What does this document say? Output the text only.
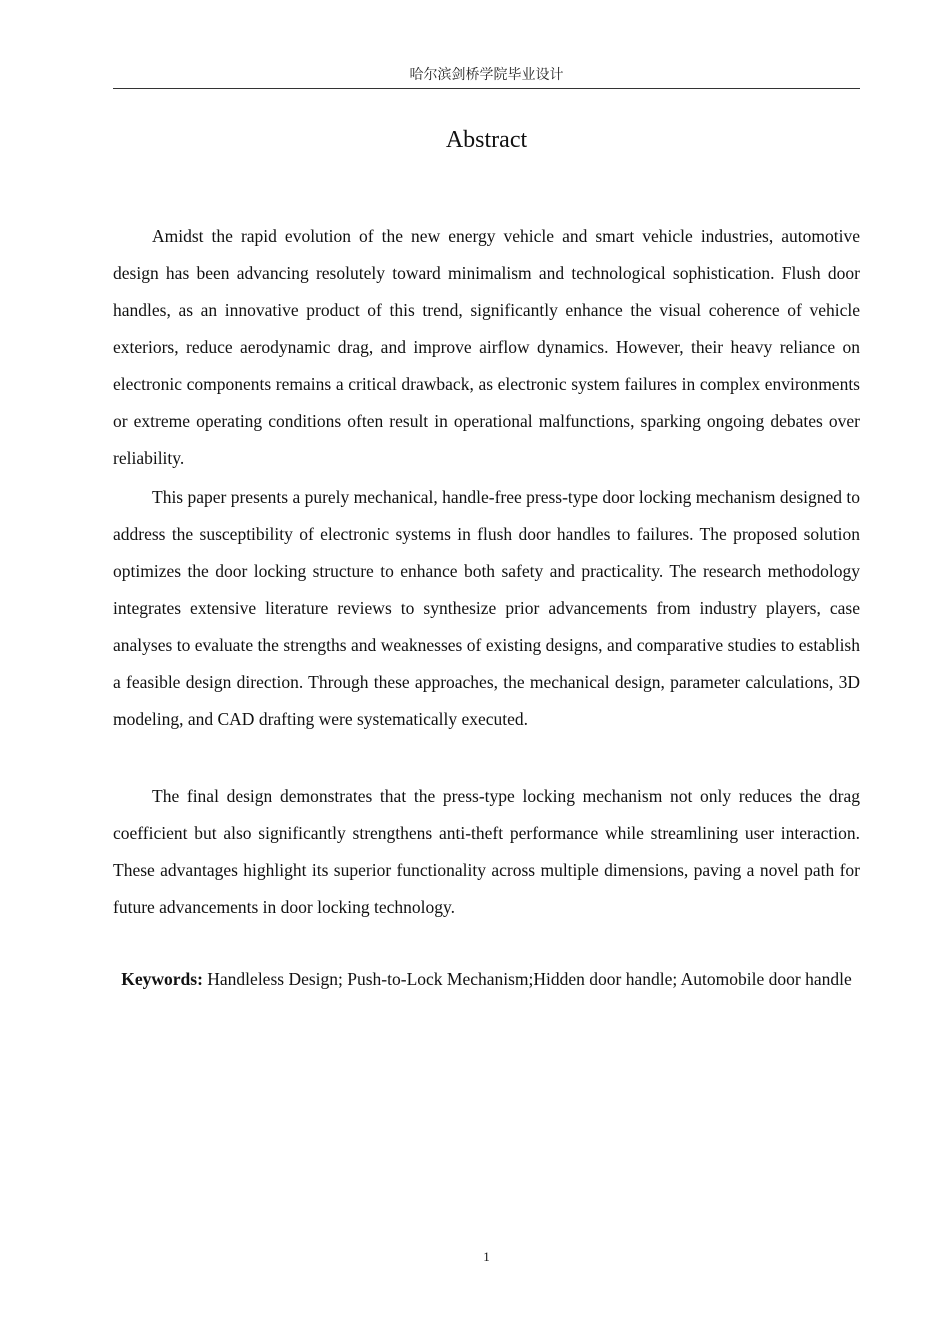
哈尔滨剑桥学院毕业设计
Abstract

Amidst the rapid evolution of the new energy vehicle and smart vehicle industries, automotive design has been advancing resolutely toward minimalism and technological sophistication. Flush door handles, as an innovative product of this trend, significantly enhance the visual coherence of vehicle exteriors, reduce aerodynamic drag, and improve airflow dynamics. However, their heavy reliance on electronic components remains a critical drawback, as electronic system failures in complex environments or extreme operating conditions often result in operational malfunctions, sparking ongoing debates over reliability.

This paper presents a purely mechanical, handle-free press-type door locking mechanism designed to address the susceptibility of electronic systems in flush door handles to failures. The proposed solution optimizes the door locking structure to enhance both safety and practicality. The research methodology integrates extensive literature reviews to synthesize prior advancements from industry players, case analyses to evaluate the strengths and weaknesses of existing designs, and comparative studies to establish a feasible design direction. Through these approaches, the mechanical design, parameter calculations, 3D modeling, and CAD drafting were systematically executed.

The final design demonstrates that the press-type locking mechanism not only reduces the drag coefficient but also significantly strengthens anti-theft performance while streamlining user interaction. These advantages highlight its superior functionality across multiple dimensions, paving a novel path for future advancements in door locking technology.

Keywords: Handleless Design; Push-to-Lock Mechanism;Hidden door handle; Automobile door handle

1
